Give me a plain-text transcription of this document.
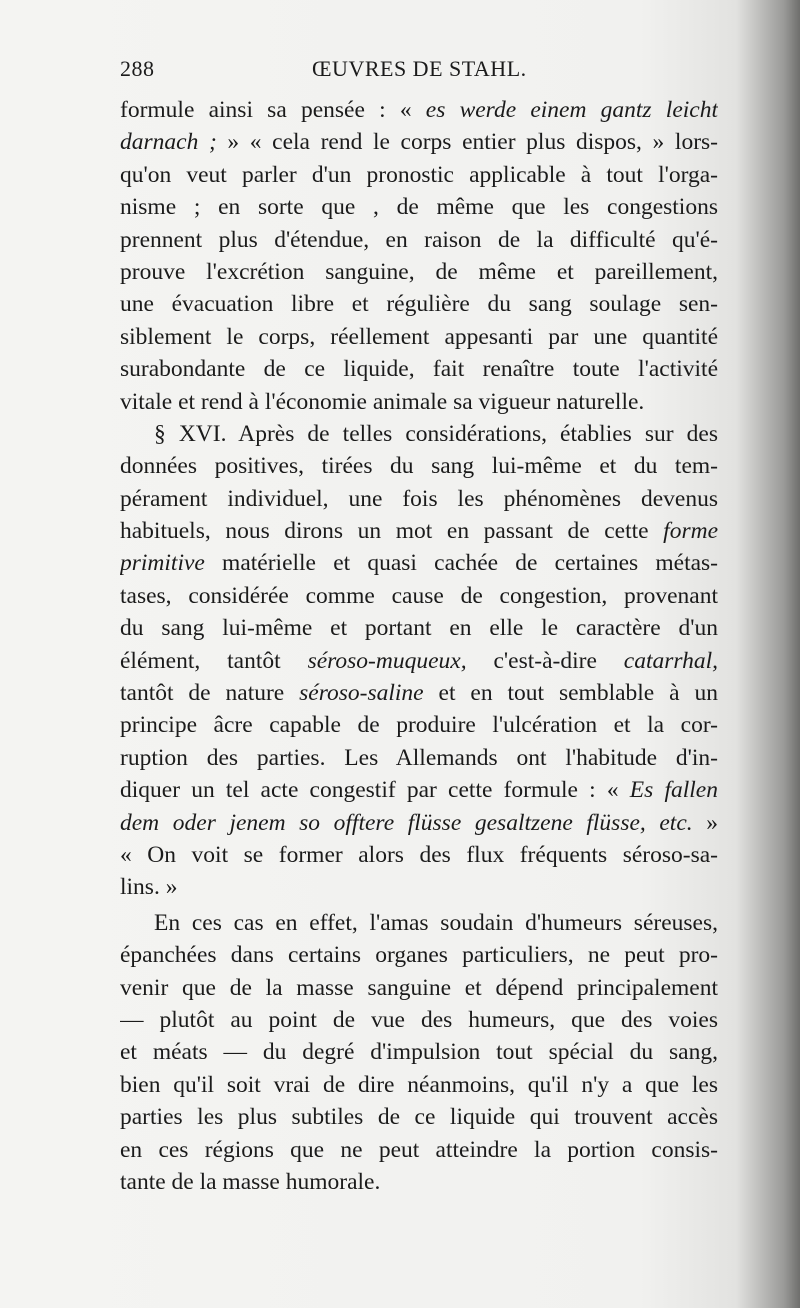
288	ŒUVRES DE STAHL.
formule ainsi sa pensée : « es werde einem gantz leicht
darnach ; » « cela rend le corps entier plus dispos, » lors-
qu'on veut parler d'un pronostic applicable à tout l'orga-
nisme ; en sorte que , de même que les congestions
prennent plus d'étendue, en raison de la difficulté qu'é-
prouve l'excrétion sanguine, de même et pareillement,
une évacuation libre et régulière du sang soulage sen-
siblement le corps, réellement appesanti par une quantité
surabondante de ce liquide, fait renaître toute l'activité
vitale et rend à l'économie animale sa vigueur naturelle.
§ XVI. Après de telles considérations, établies sur des
données positives, tirées du sang lui-même et du tem-
pérament individuel, une fois les phénomènes devenus
habituels, nous dirons un mot en passant de cette forme
primitive matérielle et quasi cachée de certaines métas-
tases, considérée comme cause de congestion, provenant
du sang lui-même et portant en elle le caractère d'un
élément, tantôt séroso-muqueux, c'est-à-dire catarrhal,
tantôt de nature séroso-saline et en tout semblable à un
principe âcre capable de produire l'ulcération et la cor-
ruption des parties. Les Allemands ont l'habitude d'in-
diquer un tel acte congestif par cette formule : « Es fallen
dem oder jenem so offtere flüsse gesaltzene flüsse, etc. »
« On voit se former alors des flux fréquents séroso-sa-
lins. »
En ces cas en effet, l'amas soudain d'humeurs séreuses,
épanchées dans certains organes particuliers, ne peut pro-
venir que de la masse sanguine et dépend principalement
— plutôt au point de vue des humeurs, que des voies
et méats — du degré d'impulsion tout spécial du sang,
bien qu'il soit vrai de dire néanmoins, qu'il n'y a que les
parties les plus subtiles de ce liquide qui trouvent accès
en ces régions que ne peut atteindre la portion consis-
tante de la masse humorale.
